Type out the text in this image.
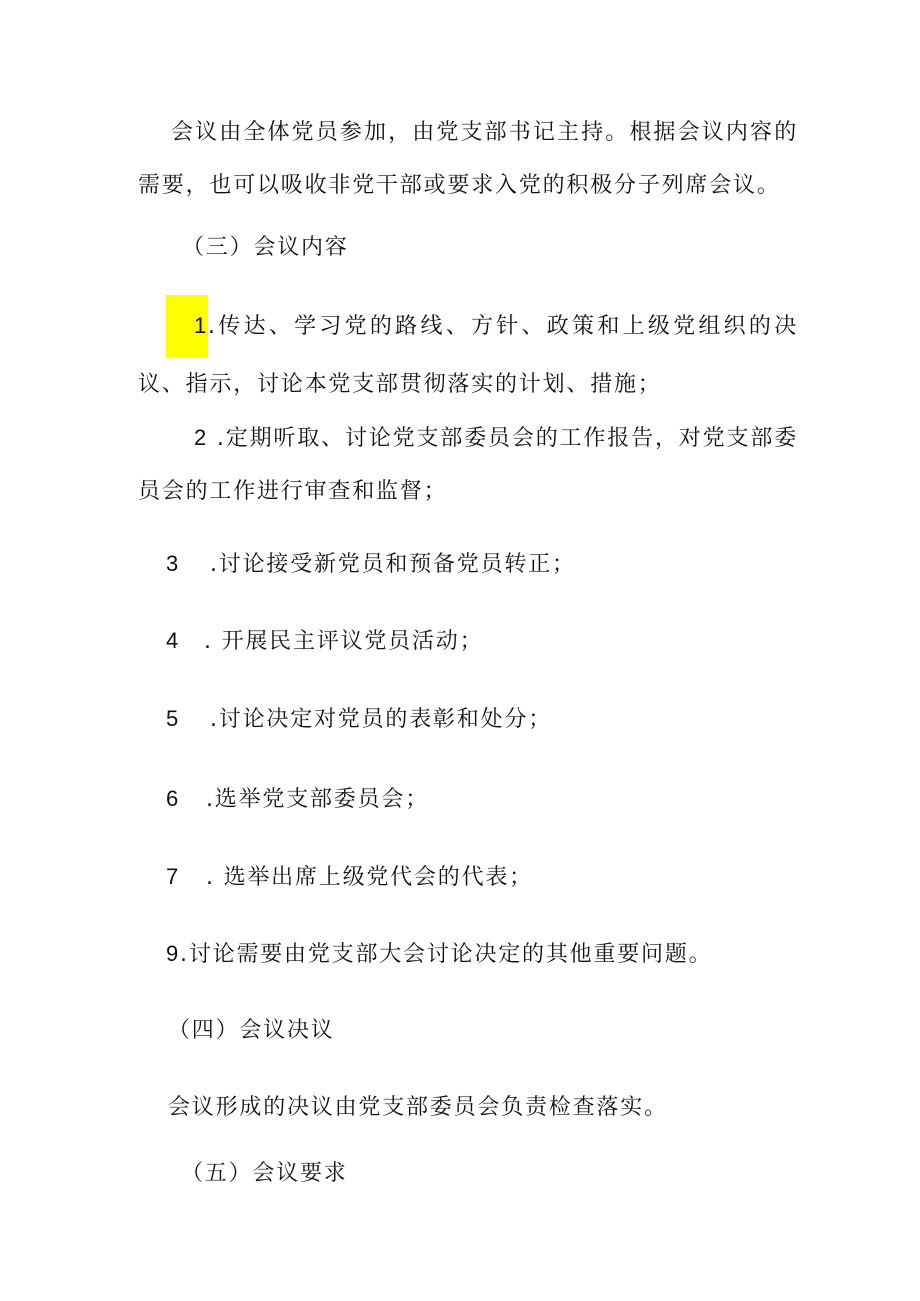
会议由全体党员参加，由党支部书记主持。根据会议内容的需要，也可以吸收非党干部或要求入党的积极分子列席会议。
（三）会议内容
1.传达、学习党的路线、方针、政策和上级党组织的决议、指示，讨论本党支部贯彻落实的计划、措施；
2 .定期听取、讨论党支部委员会的工作报告，对党支部委员会的工作进行审查和监督；
3 .讨论接受新党员和预备党员转正；
4 . 开展民主评议党员活动；
5 .讨论决定对党员的表彰和处分；
6 .选举党支部委员会；
7 . 选举出席上级党代会的代表；
9.讨论需要由党支部大会讨论决定的其他重要问题。
（四）会议决议
会议形成的决议由党支部委员会负责检查落实。
（五）会议要求
